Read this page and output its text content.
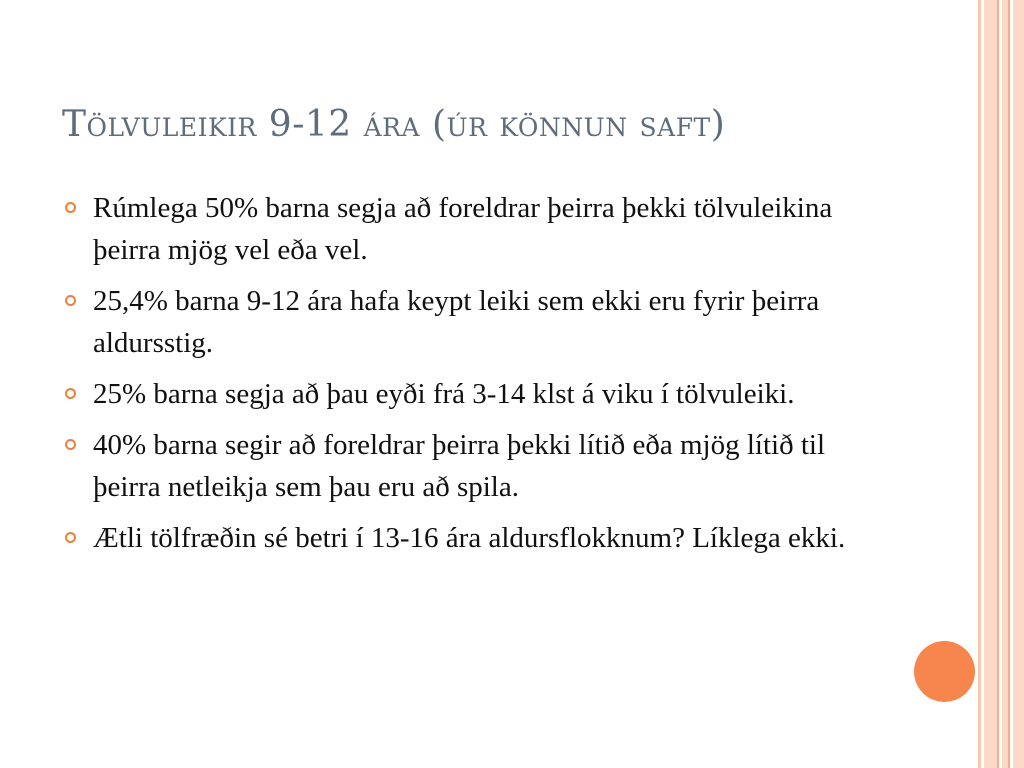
Tölvuleikir 9-12 ára (úr könnun saft)
Rúmlega 50% barna segja að foreldrar þeirra þekki tölvuleikina þeirra mjög vel eða vel.
25,4% barna 9-12 ára hafa keypt leiki sem ekki eru fyrir þeirra aldursstig.
25% barna segja að þau eyði frá 3-14 klst á viku í tölvuleiki.
40% barna segir að foreldrar þeirra þekki lítið eða mjög lítið til þeirra netleikja sem þau eru að spila.
Ætli tölfræðin sé betri í 13-16 ára aldursflokknum? Líklega ekki.
